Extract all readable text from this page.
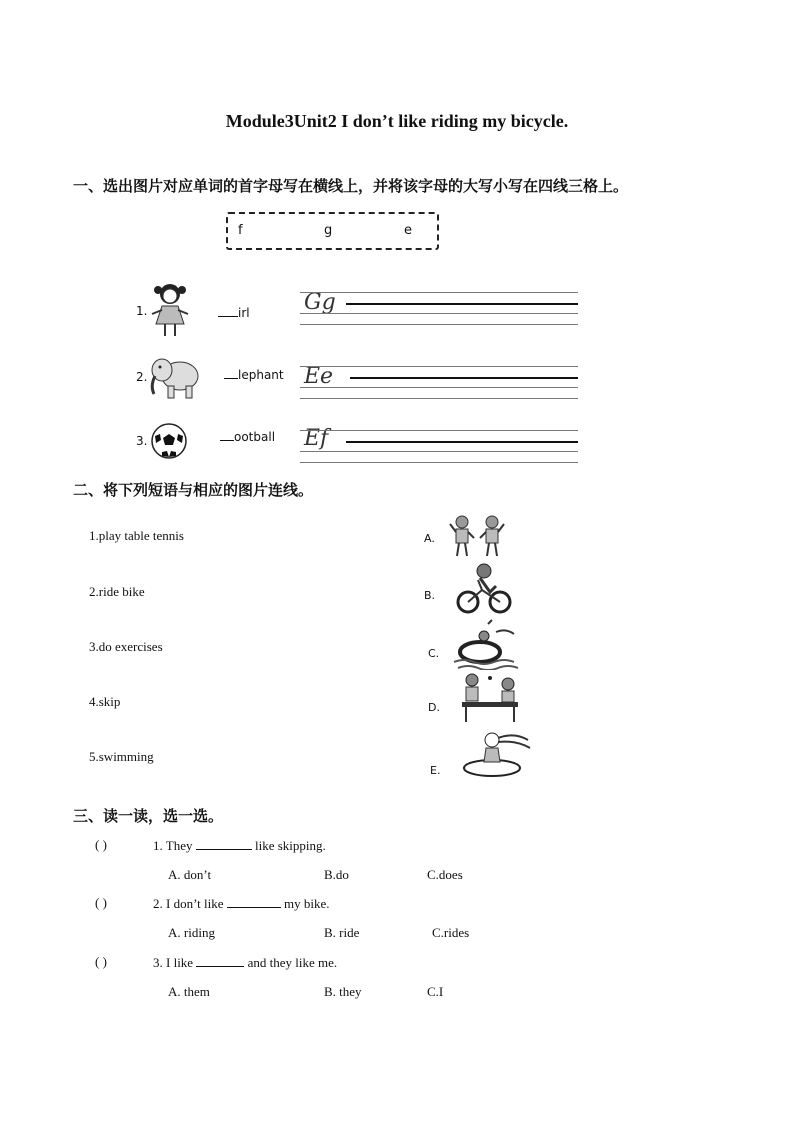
Module3Unit2 I don’t like riding my bicycle.
一、选出图片对应单词的首字母写在横线上，并将该字母的大写小写在四线三格上。
f	g	e
1.	irl Gg
2.	lephant Ee
3.	ootball Ef
二、将下列短语与相应的图片连线。
1.play table tennis
2.ride bike
3.do exercises
4.skip
5.swimming
A.
B.
C.
D.
E.
三、读一读，选一选。
( )	1. They	like skipping.
A. don’t	B.do	C.does
( )	2. I don’t like	my bike.
A. riding	B. ride	C.rides
( )	3. I like	and they like me.
A. them	B. they	C.I
